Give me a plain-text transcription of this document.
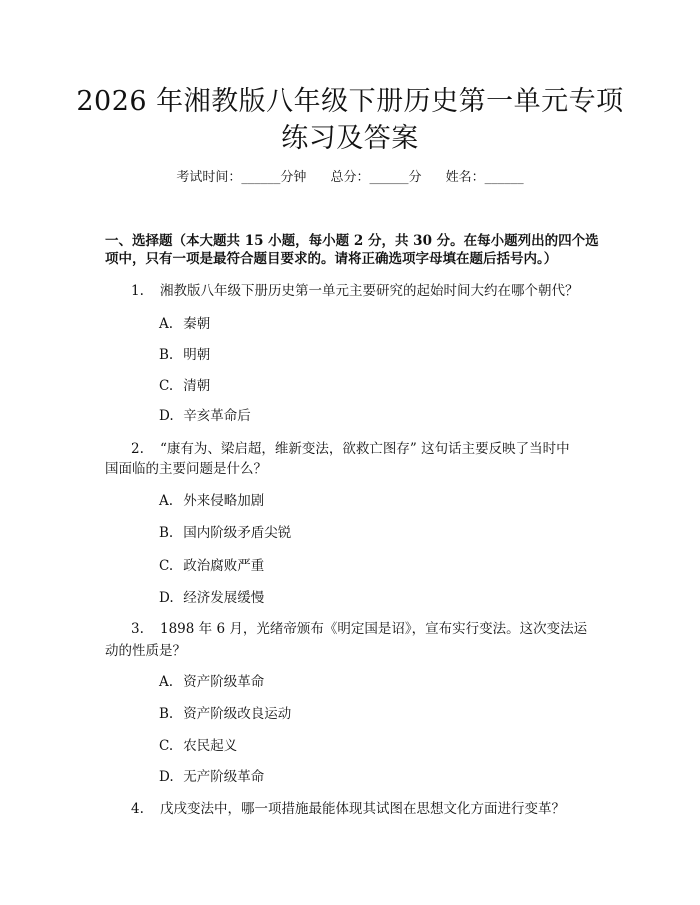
2026 年湘教版八年级下册历史第一单元专项
练习及答案
考试时间：______分钟 总分：______分 姓名：______
一、选择题（本大题共 15 小题，每小题 2 分，共 30 分。在每小题列出的四个选
项中，只有一项是最符合题目要求的。请将正确选项字母填在题后括号内。）
1. 湘教版八年级下册历史第一单元主要研究的起始时间大约在哪个朝代？
A. 秦朝
B. 明朝
C. 清朝
D. 辛亥革命后
2. “康有为、梁启超，维新变法，欲救亡图存” 这句话主要反映了当时中
国面临的主要问题是什么？
A. 外来侵略加剧
B. 国内阶级矛盾尖锐
C. 政治腐败严重
D. 经济发展缓慢
3. 1898 年 6 月，光绪帝颁布《明定国是诏》，宣布实行变法。这次变法运
动的性质是？
A. 资产阶级革命
B. 资产阶级改良运动
C. 农民起义
D. 无产阶级革命
4. 戊戌变法中，哪一项措施最能体现其试图在思想文化方面进行变革？
